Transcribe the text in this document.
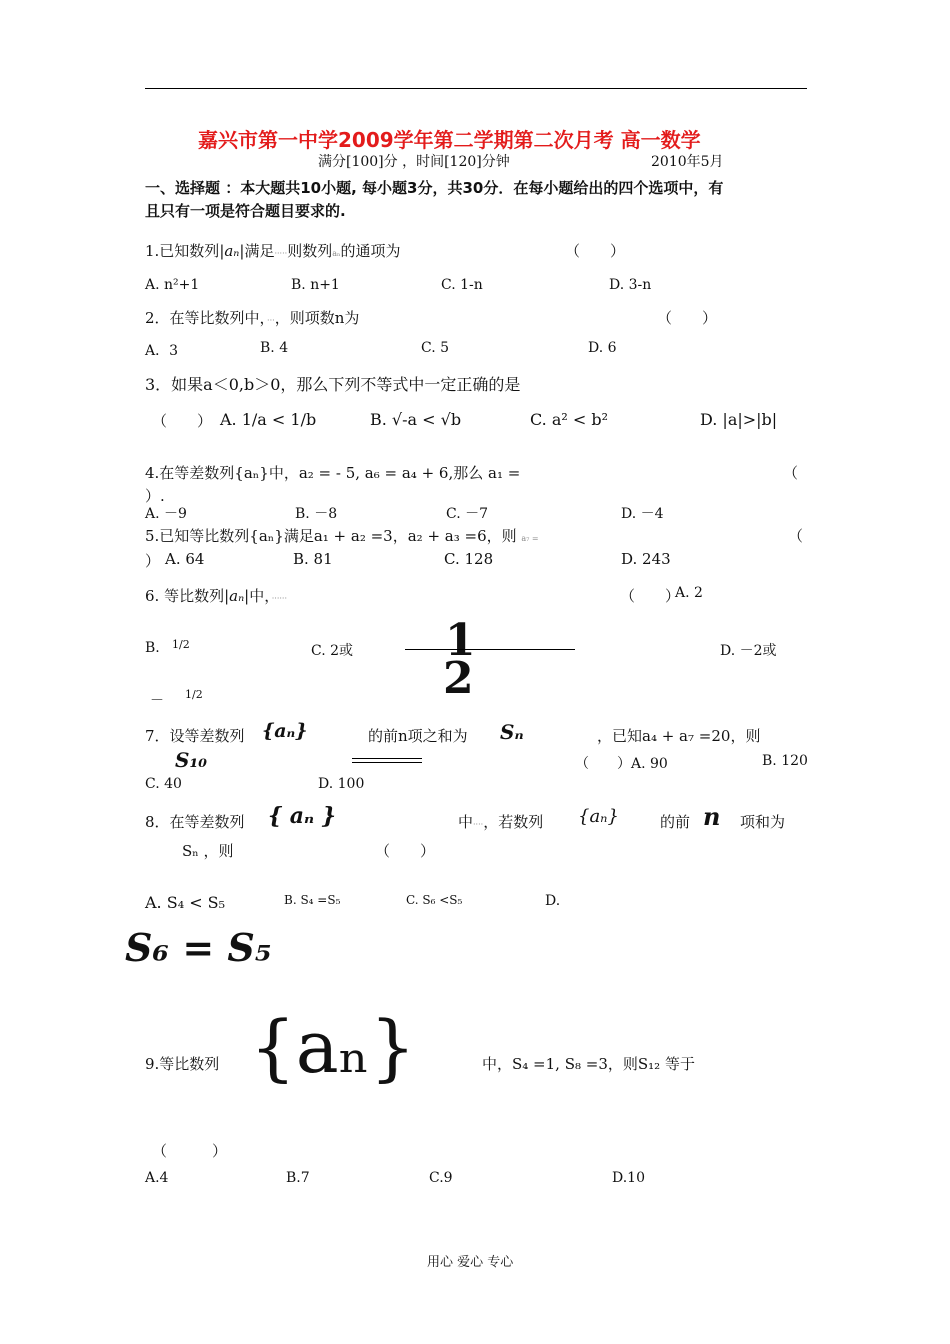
嘉兴市第一中学2009学年第二学期第二次月考 高一数学
满分[100]分 ，时间[120]分钟	2010年5月
一、选择题 ：本大题共10小题, 每小题3分，共30分．在每小题给出的四个选项中，有
且只有一项是符合题目要求的.
1.已知数列|aₙ|满足·····则数列aₙ的通项为	（　　）
A. n²+1	B. n+1	C. 1-n	D. 3-n
2．在等比数列中，···，则项数n为	（　　）
A．3	B. 4	C. 5	D. 6
3．如果a＜0,b＞0，那么下列不等式中一定正确的是
（　　） A. 1/a < 1/b	B. √-a < √b	C. a² < b²	D. |a|>|b|
4.在等差数列{aₙ}中，a₂ = - 5, a₆ = a₄ + 6,那么 a₁ =	（
）.
A. －9	B. －8	C. －7	D. －4
5.已知等比数列{aₙ}满足a₁ + a₂ =3，a₂ + a₃ =6，则 a₇ =	（
） A. 64	B. 81	C. 128	D. 243
6. 等比数列|aₙ|中，······	（　　）
A. 2
B. 1/2	C. 2或 1
2
D. －2或
－ 1/2
7．设等差数列 {aₙ}	的前n项之和为 Sₙ	，已知a₄ + a₇ =20，则
S₁₀	（　　）A. 90	B. 120
C. 40	D. 100
8．在等差数列 { aₙ }	中····，若数列 {aₙ}	的前 n 项和为
Sₙ ，则	（　　）
A. S₄ < S₅	B. S₄ =S₅	C. S₆ <S₅	D.
S₆ = S₅
9.等比数列 {aₙ}	中，S₄ =1, S₈ =3，则S₁₂ 等于
（　　　）
A.4	B.7	C.9	D.10
用心 爱心 专心
